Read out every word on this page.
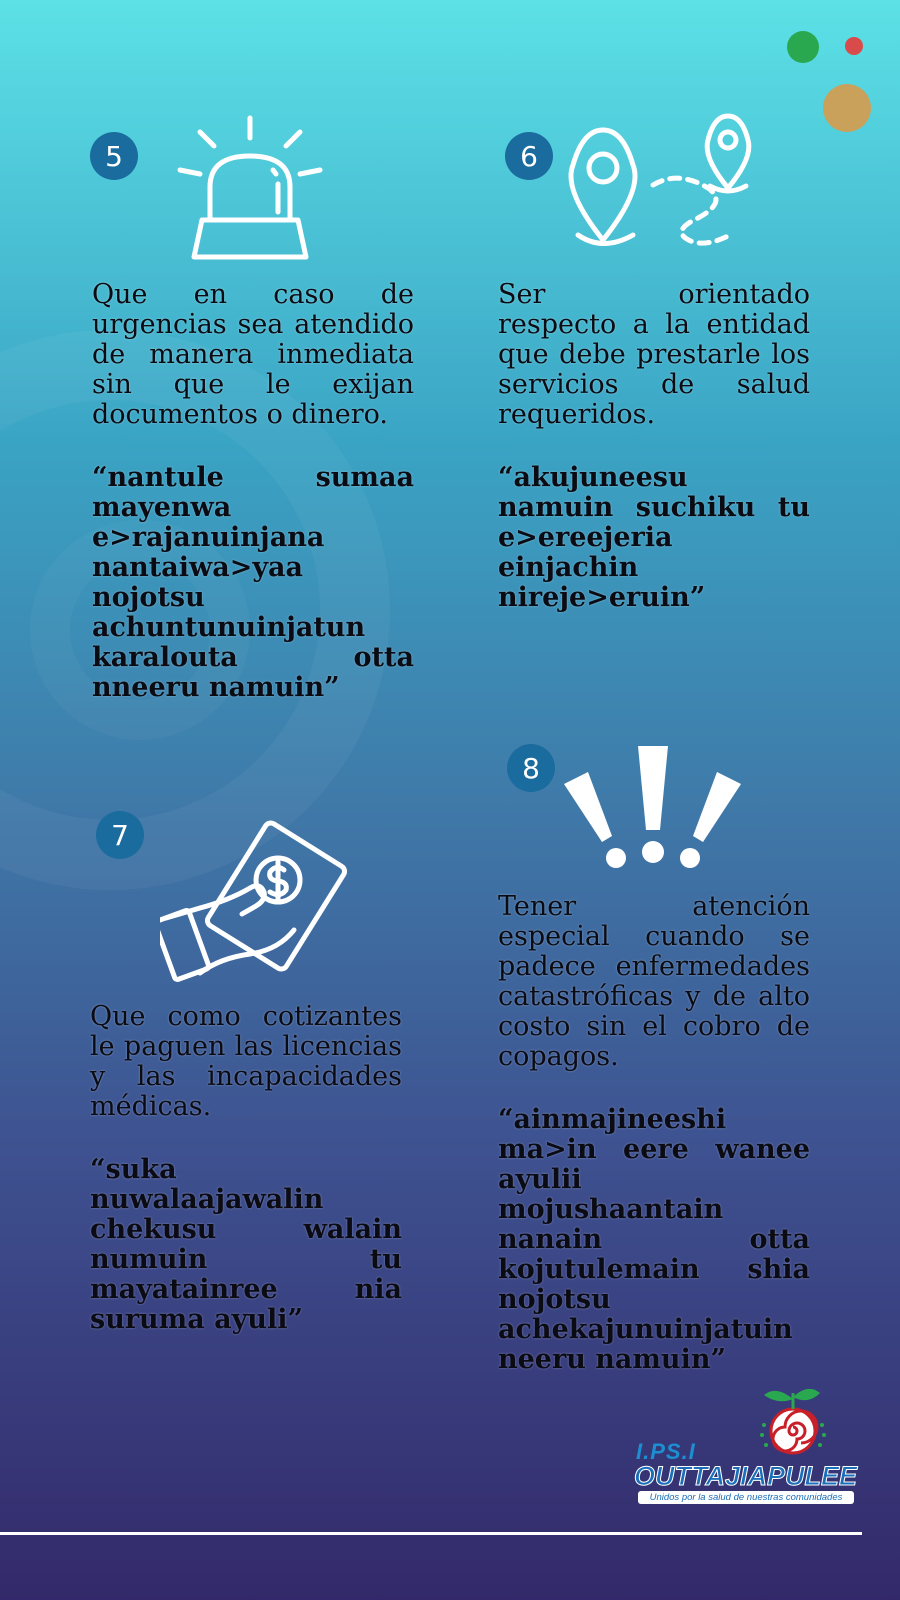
5

Que en caso de urgencias sea atendido de manera inmediata sin que le exijan documentos o dinero.

“nantule sumaa mayenwa e>rajanuinjana nantaiwa>yaa nojotsu achuntunuinjatun karalouta otta nneeru namuin”

6

Ser orientado respecto a la entidad que debe prestarle los servicios de salud requeridos.

“akujuneesu namuin suchiku tu e>ereejeria einjachin nireje>eruin”

7

Que como cotizantes le paguen las licencias y las incapacidades médicas.

“suka nuwalaajawalin chekusu walain numuin tu mayatainree nia suruma ayuli”

8

Tener atención especial cuando se padece enfermedades catastróficas y de alto costo sin el cobro de copagos.

“ainmajineeshi ma>in eere wanee ayulii mojushaantain nanain otta kojutulemain shia nojotsu achekajunuinjatuin neeru namuin”

I.PS.I
OUTTAJIAPULEE
Unidos por la salud de nuestras comunidades
